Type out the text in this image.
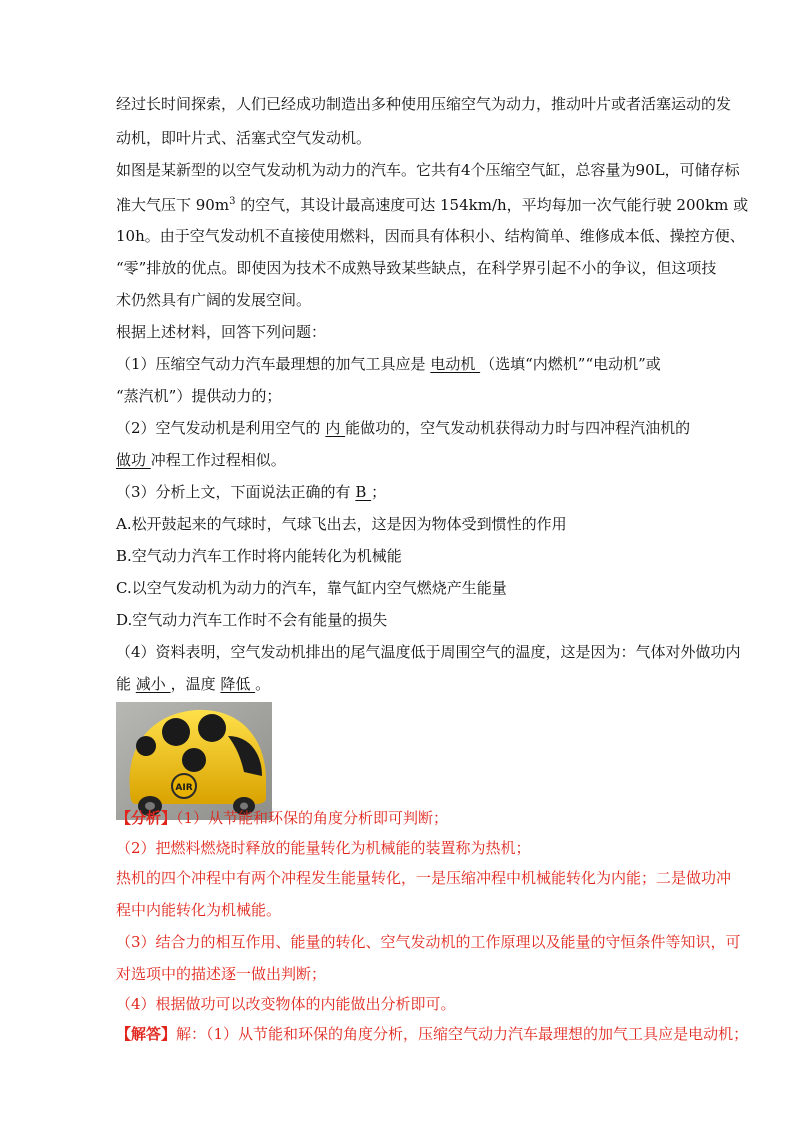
经过长时间探索，人们已经成功制造出多种使用压缩空气为动力，推动叶片或者活塞运动的发
动机，即叶片式、活塞式空气发动机。
如图是某新型的以空气发动机为动力的汽车。它共有4个压缩空气缸，总容量为90L，可储存标
准大气压下 $90m^3$ 的空气，其设计最高速度可达 154km/h，平均每加一次气能行驶 200km 或
10h。由于空气发动机不直接使用燃料，因而具有体积小、结构简单、维修成本低、操控方便、
“零”排放的优点。即使因为技术不成熟导致某些缺点，在科学界引起不小的争议，但这项技
术仍然具有广阔的发展空间。
根据上述材料，回答下列问题：
（1）压缩空气动力汽车最理想的加气工具应是 电动机 （选填“内燃机”“电动机”或
“蒸汽机”）提供动力的；
（2）空气发动机是利用空气的 内 能做功的，空气发动机获得动力时与四冲程汽油机的
做功 冲程工作过程相似。
（3）分析上文，下面说法正确的有 B ；
A.松开鼓起来的气球时，气球飞出去，这是因为物体受到惯性的作用
B.空气动力汽车工作时将内能转化为机械能
C.以空气发动机为动力的汽车，靠气缸内空气燃烧产生能量
D.空气动力汽车工作时不会有能量的损失
（4）资料表明，空气发动机排出的尾气温度低于周围空气的温度，这是因为：气体对外做功内
能 减小 ，温度 降低 。
AIR
【分析】（1）从节能和环保的角度分析即可判断；
（2）把燃料燃烧时释放的能量转化为机械能的装置称为热机；
热机的四个冲程中有两个冲程发生能量转化，一是压缩冲程中机械能转化为内能；二是做功冲
程中内能转化为机械能。
（3）结合力的相互作用、能量的转化、空气发动机的工作原理以及能量的守恒条件等知识，可
对选项中的描述逐一做出判断；
（4）根据做功可以改变物体的内能做出分析即可。
【解答】解：（1）从节能和环保的角度分析，压缩空气动力汽车最理想的加气工具应是电动机；
